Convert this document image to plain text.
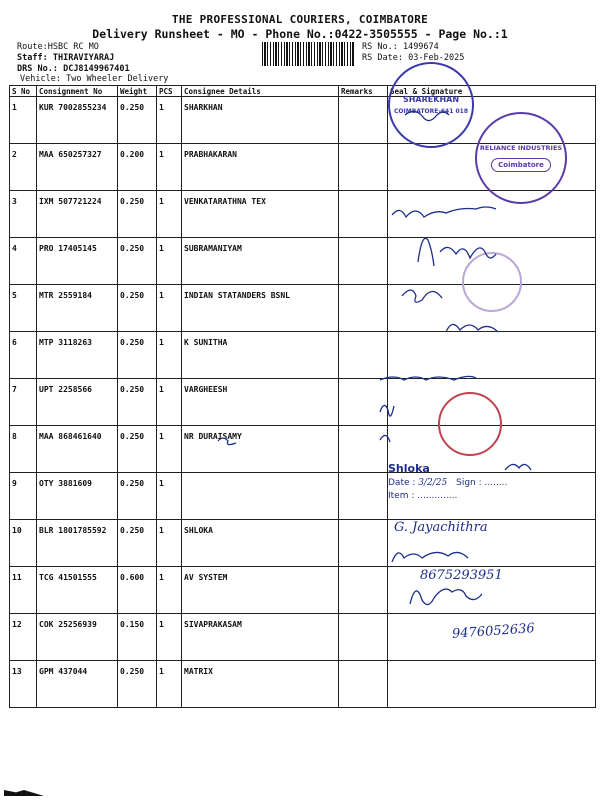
THE PROFESSIONAL COURIERS, COIMBATORE
Delivery Runsheet - MO - Phone No.:0422-3505555 - Page No.:1
Route:HSBC RC MO
Staff: THIRAVIYARAJ
DRS No.: DCJ8149967401
Vehicle: Two Wheeler Delivery
RS No.: 1499674
RS Date: 03-Feb-2025
S No	Consignment No	Weight	PCS	Consignee Details	Remarks	Seal & Signature
1	KUR 7002855234	0.250	1	SHARKHAN		
2	MAA 650257327	0.200	1	PRABHAKARAN		
3	IXM 507721224	0.250	1	VENKATARATHNA TEX		
4	PRO 17405145	0.250	1	SUBRAMANIYAM		
5	MTR 2559184	0.250	1	INDIAN STATANDERS BSNL		
6	MTP 3118263	0.250	1	K SUNITHA		
7	UPT 2258566	0.250	1	VARGHEESH		
8	MAA 868461640	0.250	1	NR DURAISAMY		
9	OTY 3881609	0.250	1			
10	BLR 1801785592	0.250	1	SHLOKA		
11	TCG 41501555	0.600	1	AV SYSTEM		
12	COK 25256939	0.150	1	SIVAPRAKASAM		
13	GPM 437044	0.250	1	MATRIX		
SHAREKHAN
COIMBATORE-641 018
RELIANCE INDUSTRIES
Coimbatore
Shloka
Date : 3/2/25 Sign : ........
Item : ..............
G. Jayachithra
8675293951
9476052636
